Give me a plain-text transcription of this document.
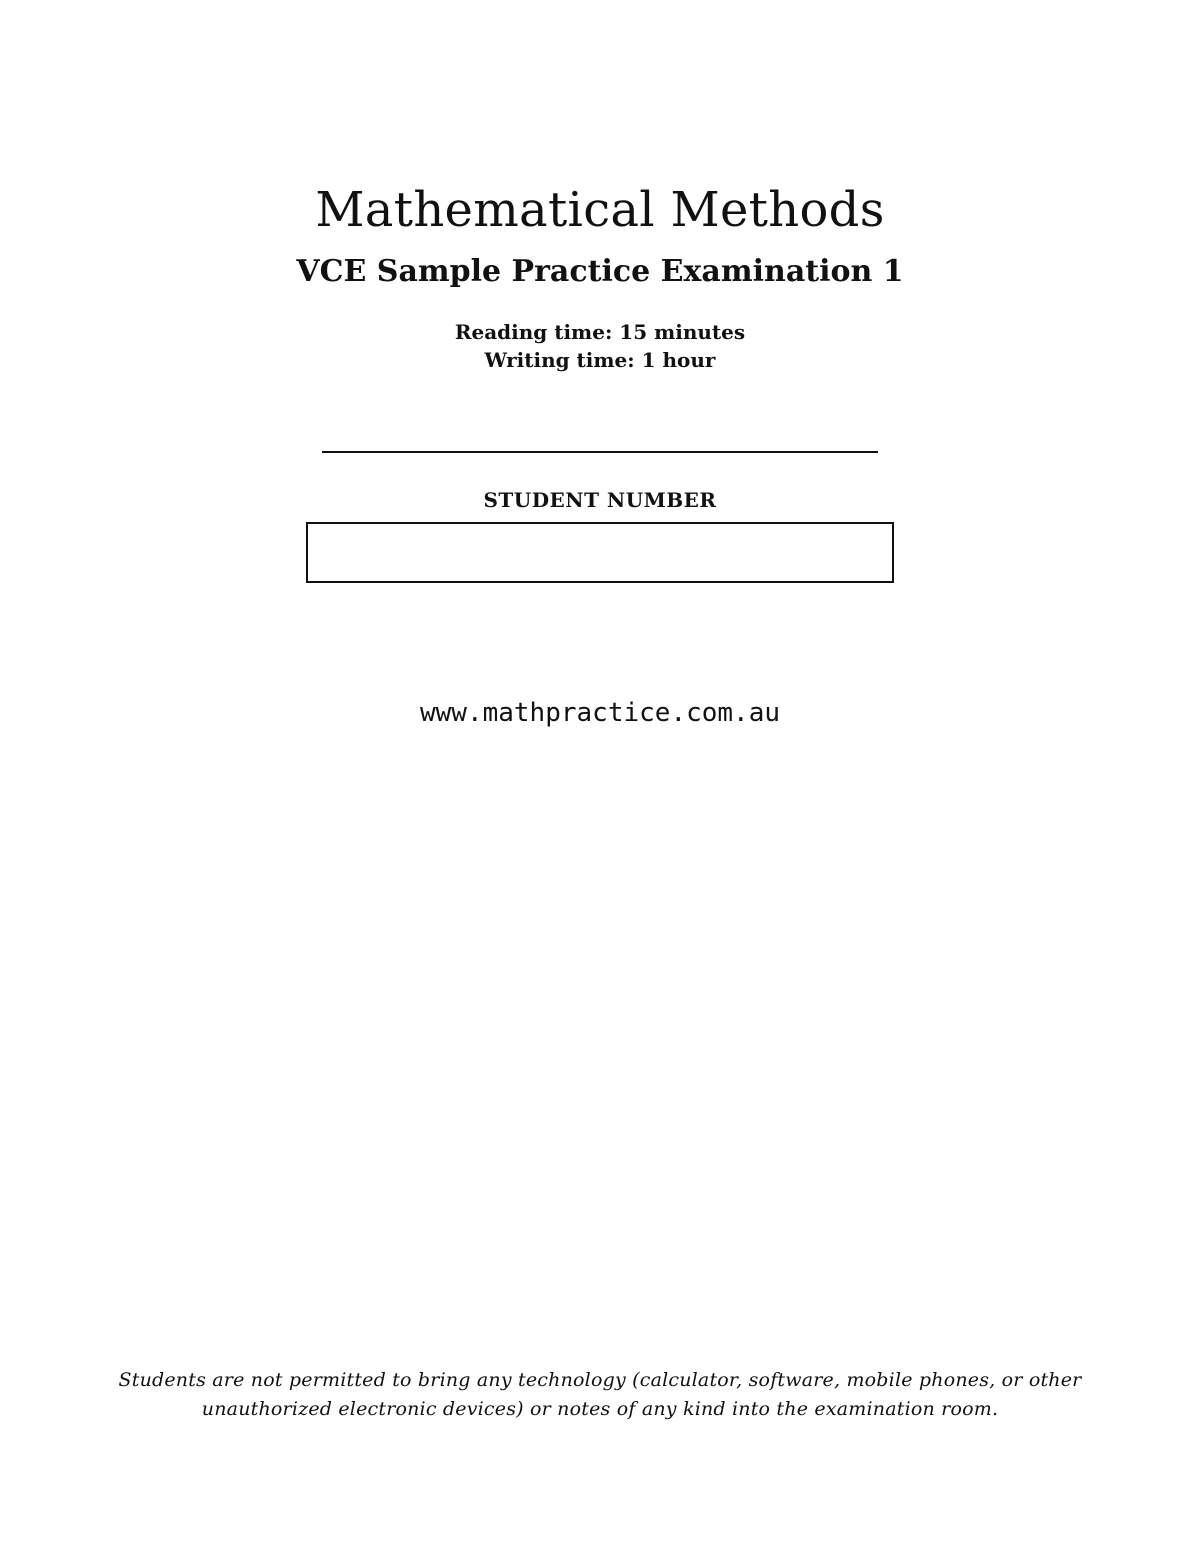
Mathematical Methods
VCE Sample Practice Examination 1
Reading time: 15 minutes
Writing time: 1 hour
STUDENT NUMBER
www.mathpractice.com.au
Students are not permitted to bring any technology (calculator, software, mobile phones, or other
unauthorized electronic devices) or notes of any kind into the examination room.
